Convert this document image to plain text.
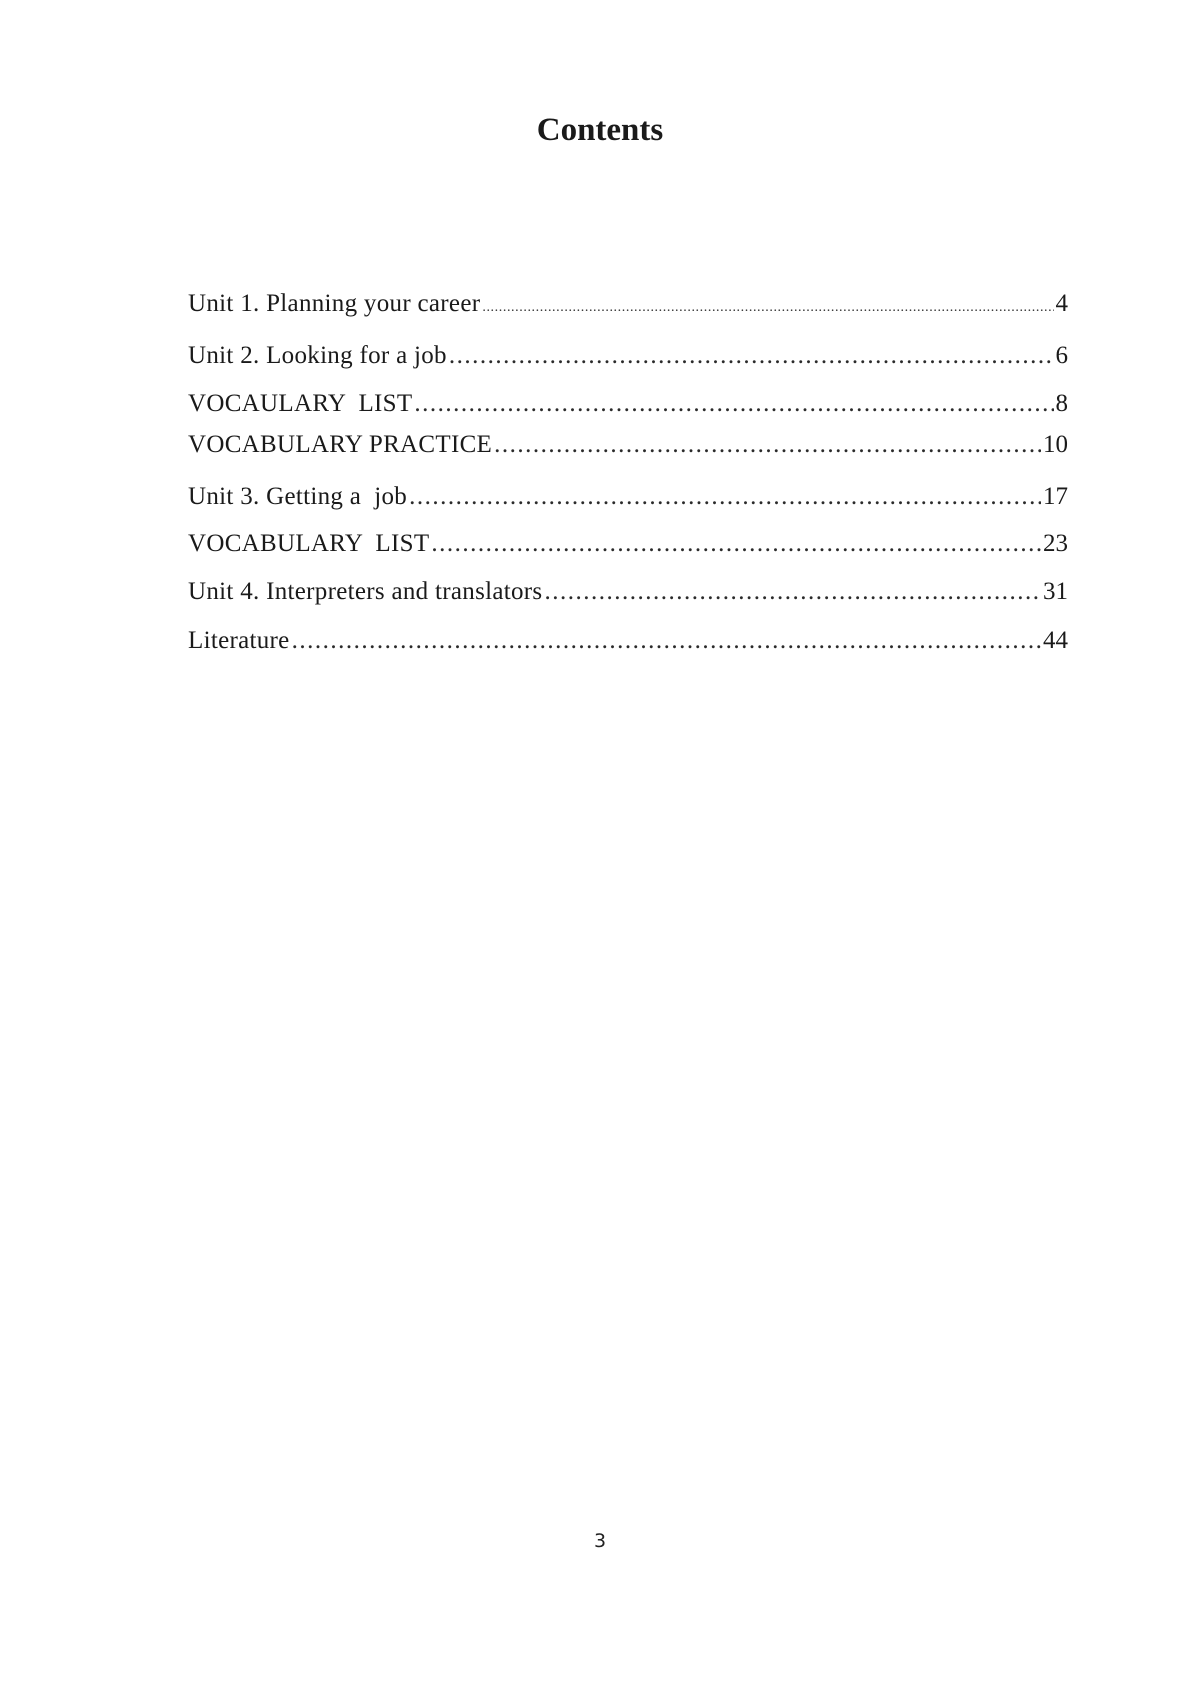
Contents
Unit 1. Planning your career .....	4
Unit 2. Looking for a job .....	6
VOCAULARY  LIST .....	8
VOCABULARY PRACTICE .....	10
Unit 3. Getting a  job .....	17
VOCABULARY  LIST .....	23
Unit 4. Interpreters and translators .....	31
Literature .....	44
3
